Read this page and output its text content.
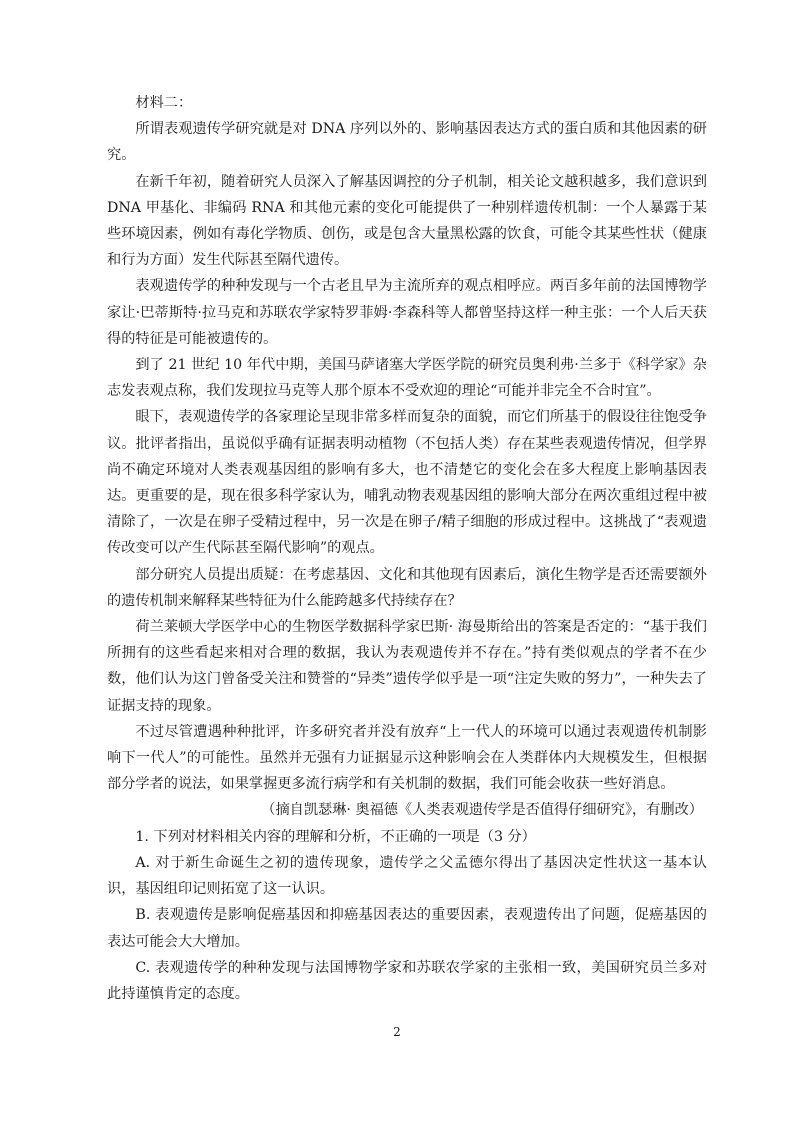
材料二：

所谓表观遗传学研究就是对 DNA 序列以外的、影响基因表达方式的蛋白质和其他因素的研究。

在新千年初，随着研究人员深入了解基因调控的分子机制，相关论文越积越多，我们意识到 DNA 甲基化、非编码 RNA 和其他元素的变化可能提供了一种别样遗传机制：一个人暴露于某些环境因素，例如有毒化学物质、创伤，或是包含大量黑松露的饮食，可能令其某些性状（健康和行为方面）发生代际甚至隔代遗传。

表观遗传学的种种发现与一个古老且早为主流所弃的观点相呼应。两百多年前的法国博物学家让·巴蒂斯特·拉马克和苏联农学家特罗菲姆·李森科等人都曾坚持这样一种主张：一个人后天获得的特征是可能被遗传的。

到了 21 世纪 10 年代中期，美国马萨诸塞大学医学院的研究员奥利弗·兰多于《科学家》杂志发表观点称，我们发现拉马克等人那个原本不受欢迎的理论“可能并非完全不合时宜”。

眼下，表观遗传学的各家理论呈现非常多样而复杂的面貌，而它们所基于的假设往往饱受争议。批评者指出，虽说似乎确有证据表明动植物（不包括人类）存在某些表观遗传情况，但学界尚不确定环境对人类表观基因组的影响有多大，也不清楚它的变化会在多大程度上影响基因表达。更重要的是，现在很多科学家认为，哺乳动物表观基因组的影响大部分在两次重组过程中被清除了，一次是在卵子受精过程中，另一次是在卵子/精子细胞的形成过程中。这挑战了“表观遗传改变可以产生代际甚至隔代影响”的观点。

部分研究人员提出质疑：在考虑基因、文化和其他现有因素后，演化生物学是否还需要额外的遗传机制来解释某些特征为什么能跨越多代持续存在？

荷兰莱顿大学医学中心的生物医学数据科学家巴斯· 海曼斯给出的答案是否定的：“基于我们所拥有的这些看起来相对合理的数据，我认为表观遗传并不存在。”持有类似观点的学者不在少数，他们认为这门曾备受关注和赞誉的“异类”遗传学似乎是一项“注定失败的努力”，一种失去了证据支持的现象。

不过尽管遭遇种种批评，许多研究者并没有放弃“上一代人的环境可以通过表观遗传机制影响下一代人”的可能性。虽然并无强有力证据显示这种影响会在人类群体内大规模发生，但根据部分学者的说法，如果掌握更多流行病学和有关机制的数据，我们可能会收获一些好消息。

（摘自凯瑟琳· 奥福德《人类表观遗传学是否值得仔细研究》，有删改）

1. 下列对材料相关内容的理解和分析，不正确的一项是（3 分）

A. 对于新生命诞生之初的遗传现象，遗传学之父孟德尔得出了基因决定性状这一基本认识，基因组印记则拓宽了这一认识。

B. 表观遗传是影响促癌基因和抑癌基因表达的重要因素，表观遗传出了问题，促癌基因的表达可能会大大增加。

C. 表观遗传学的种种发现与法国博物学家和苏联农学家的主张相一致，美国研究员兰多对此持谨慎肯定的态度。

2
